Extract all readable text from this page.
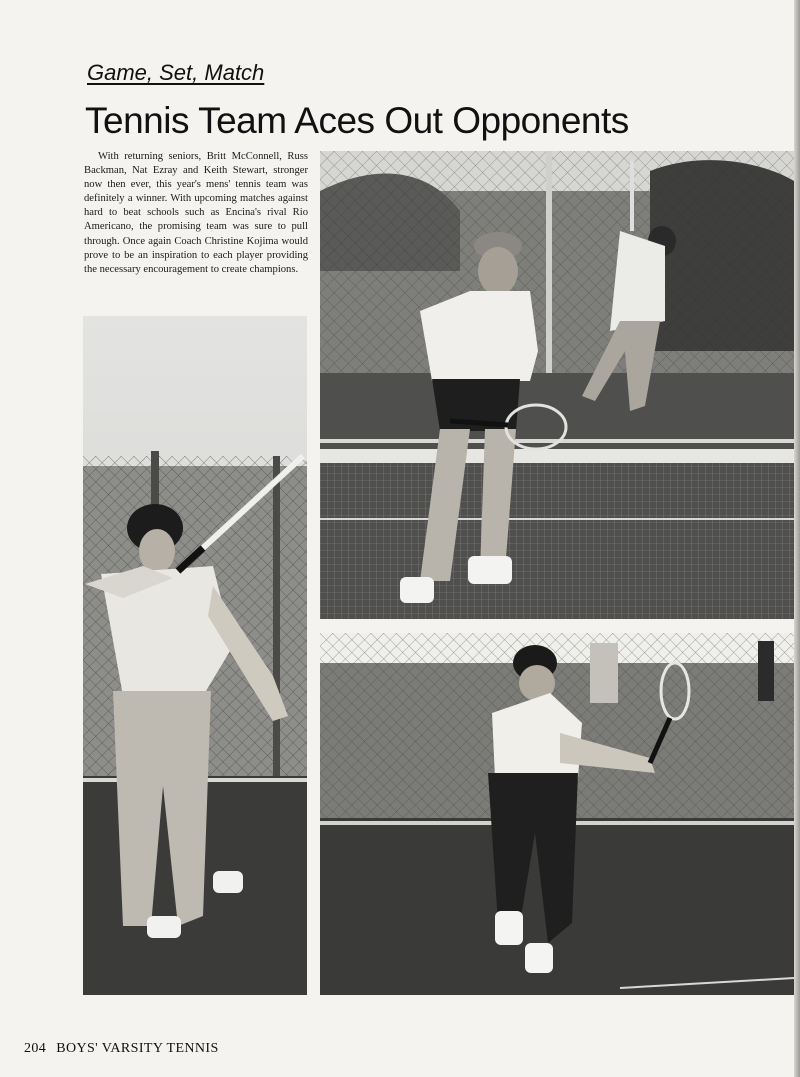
Game, Set, Match
Tennis Team Aces Out Opponents

With returning seniors, Britt McConnell, Russ Backman, Nat Ezray and Keith Stewart, stronger now then ever, this year's mens' tennis team was definitely a winner. With upcoming matches against hard to beat schools such as Encina's rival Rio Americano, the promising team was sure to pull through. Once again Coach Christine Kojima would prove to be an inspiration to each player providing the necessary encouragement to create champions.

204 BOYS' VARSITY TENNIS
